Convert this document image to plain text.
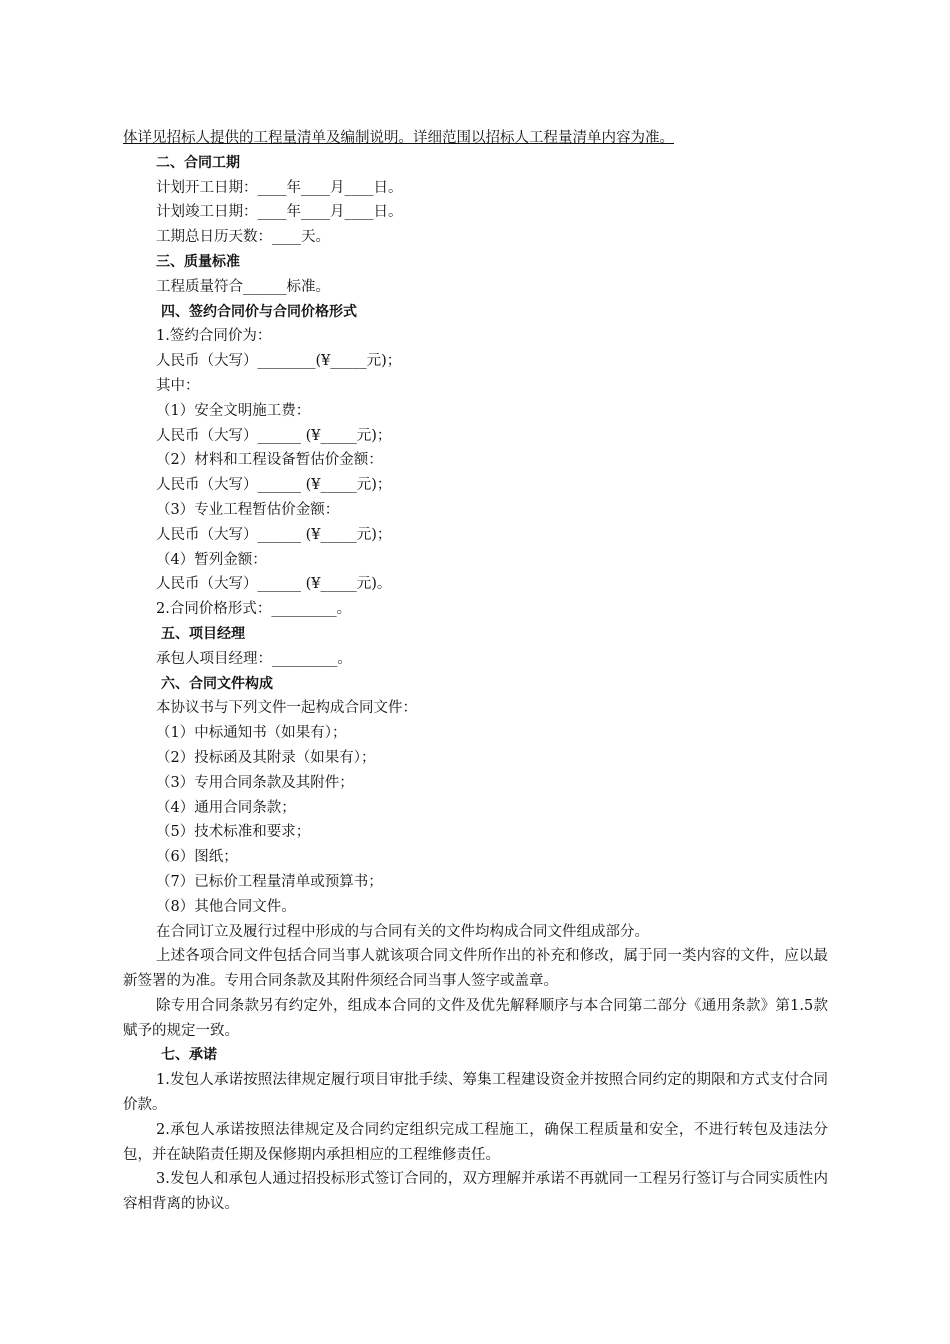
体详见招标人提供的工程量清单及编制说明。详细范围以招标人工程量清单内容为准。
二、合同工期
计划开工日期：____年____月____日。
计划竣工日期：____年____月____日。
工期总日历天数：____天。
三、质量标准
工程质量符合______标准。
四、签约合同价与合同价格形式
1.签约合同价为：
人民币（大写）________(¥_____元)；
其中：
（1）安全文明施工费：
人民币（大写）______ (¥_____元)；
（2）材料和工程设备暂估价金额：
人民币（大写）______ (¥_____元)；
（3）专业工程暂估价金额：
人民币（大写）______ (¥_____元)；
（4）暂列金额：
人民币（大写）______ (¥_____元)。
2.合同价格形式：_________。
五、项目经理
承包人项目经理：_________。
六、合同文件构成
本协议书与下列文件一起构成合同文件：
（1）中标通知书（如果有）；
（2）投标函及其附录（如果有）；
（3）专用合同条款及其附件；
（4）通用合同条款；
（5）技术标准和要求；
（6）图纸；
（7）已标价工程量清单或预算书；
（8）其他合同文件。
在合同订立及履行过程中形成的与合同有关的文件均构成合同文件组成部分。
上述各项合同文件包括合同当事人就该项合同文件所作出的补充和修改，属于同一类内容的文件，应以最新签署的为准。专用合同条款及其附件须经合同当事人签字或盖章。
除专用合同条款另有约定外，组成本合同的文件及优先解释顺序与本合同第二部分《通用条款》第1.5款赋予的规定一致。
七、承诺
1.发包人承诺按照法律规定履行项目审批手续、筹集工程建设资金并按照合同约定的期限和方式支付合同价款。
2.承包人承诺按照法律规定及合同约定组织完成工程施工，确保工程质量和安全，不进行转包及违法分包，并在缺陷责任期及保修期内承担相应的工程维修责任。
3.发包人和承包人通过招投标形式签订合同的，双方理解并承诺不再就同一工程另行签订与合同实质性内容相背离的协议。
